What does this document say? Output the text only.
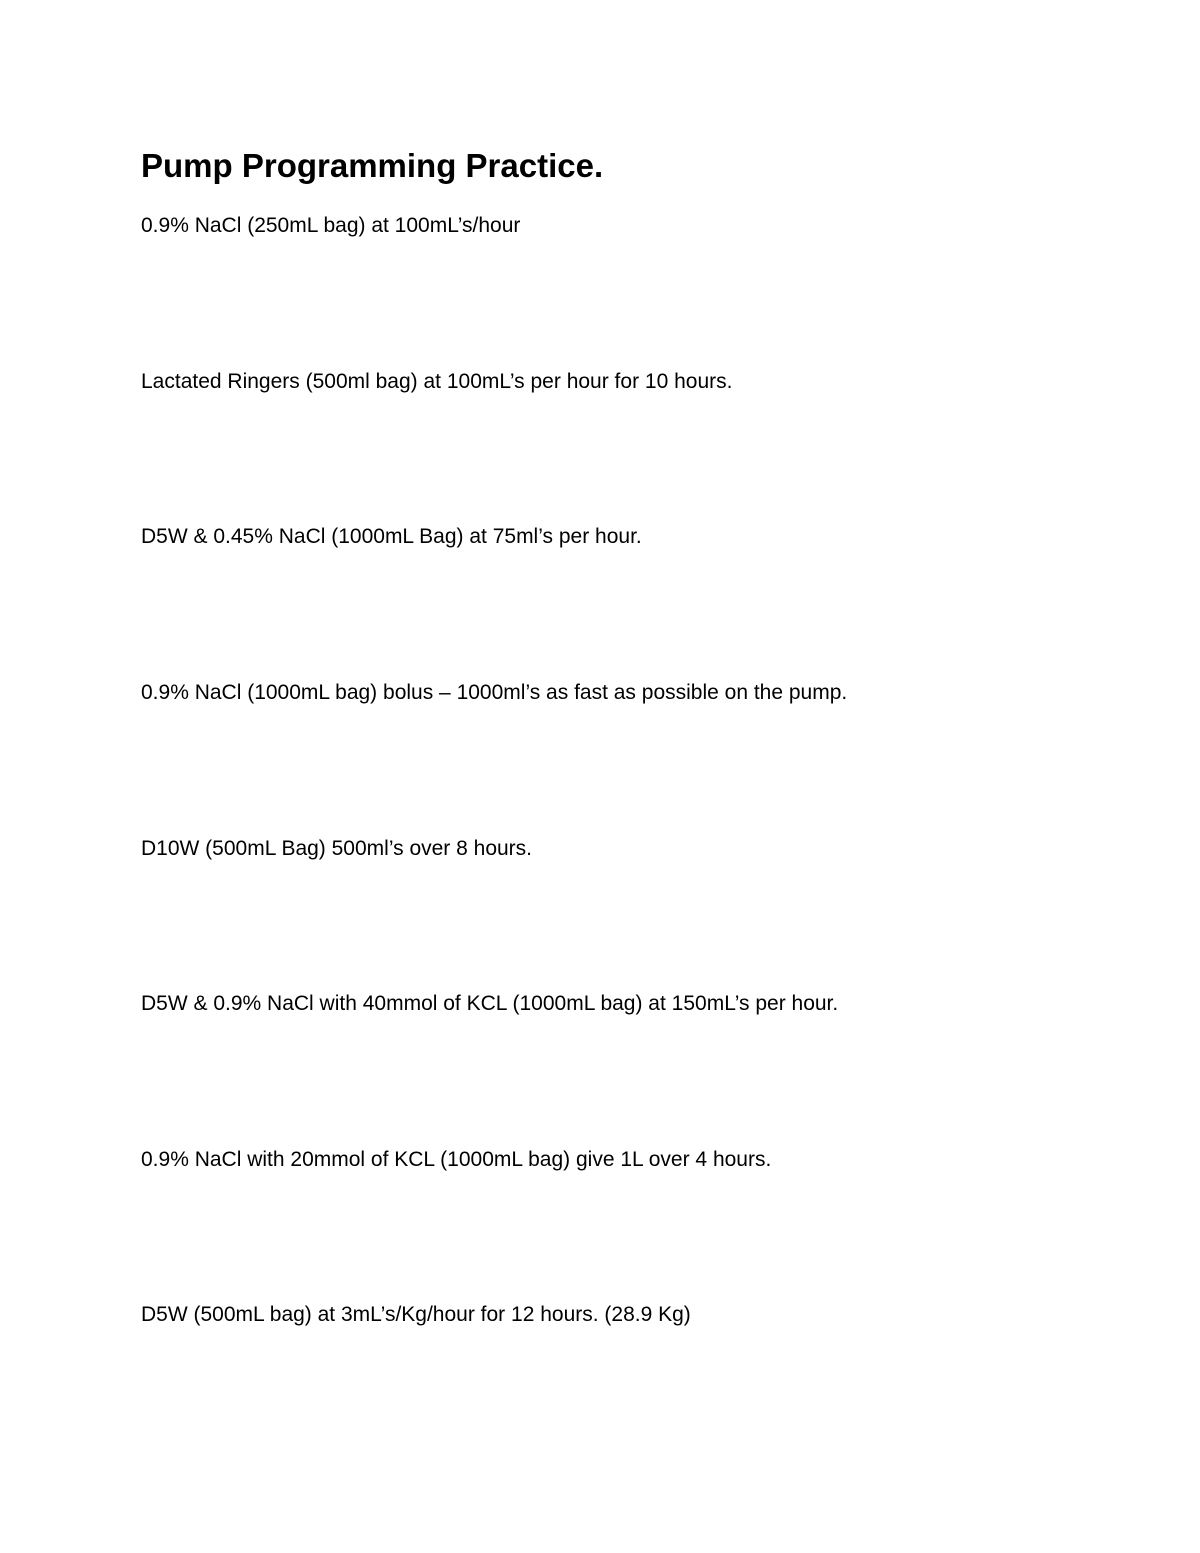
Pump Programming Practice.

0.9% NaCl (250mL bag) at 100mL’s/hour

Lactated Ringers (500ml bag) at 100mL’s per hour for 10 hours.

D5W & 0.45% NaCl (1000mL Bag) at 75ml’s per hour.

0.9% NaCl (1000mL bag) bolus – 1000ml’s as fast as possible on the pump.

D10W (500mL Bag) 500ml’s over 8 hours.

D5W & 0.9% NaCl with 40mmol of KCL (1000mL bag) at 150mL’s per hour.

0.9% NaCl with 20mmol of KCL (1000mL bag) give 1L over 4 hours.

D5W (500mL bag) at 3mL’s/Kg/hour for 12 hours. (28.9 Kg)
